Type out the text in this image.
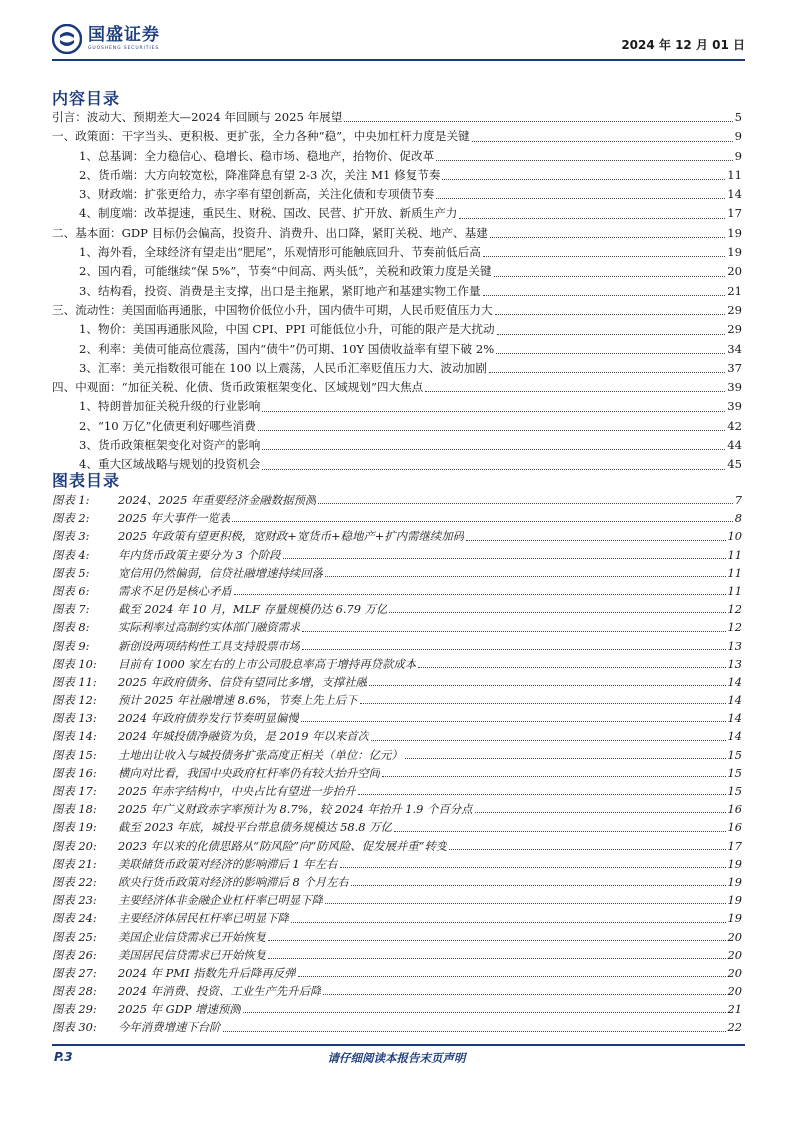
国盛证券
GUOSHENG SECURITIES	2024 年 12 月 01 日
内容目录
引言：波动大、预期差大—2024 年回顾与 2025 年展望	5
一、政策面：干字当头、更积极、更扩张，全力各种“稳”，中央加杠杆力度是关键	9
1、总基调：全力稳信心、稳增长、稳市场、稳地产，抬物价、促改革	9
2、货币端：大方向较宽松，降准降息有望 2-3 次，关注 M1 修复节奏	11
3、财政端：扩张更给力，赤字率有望创新高，关注化债和专项债节奏	14
4、制度端：改革提速，重民生、财税、国改、民营、扩开放、新质生产力	17
二、基本面：GDP 目标仍会偏高，投资升、消费升、出口降，紧盯关税、地产、基建	19
1、海外看，全球经济有望走出“肥尾”，乐观情形可能触底回升、节奏前低后高	19
2、国内看，可能继续“保 5%”，节奏“中间高、两头低”，关税和政策力度是关键	20
3、结构看，投资、消费是主支撑，出口是主拖累，紧盯地产和基建实物工作量	21
三、流动性：美国面临再通胀，中国物价低位小升，国内债牛可期，人民币贬值压力大	29
1、物价：美国再通胀风险，中国 CPI、PPI 可能低位小升，可能的限产是大扰动	29
2、利率：美债可能高位震荡，国内“债牛”仍可期、10Y 国债收益率有望下破 2%	34
3、汇率：美元指数很可能在 100 以上震荡，人民币汇率贬值压力大、波动加剧	37
四、中观面：“加征关税、化债、货币政策框架变化、区域规划”四大焦点	39
1、特朗普加征关税升级的行业影响	39
2、“10 万亿”化债更利好哪些消费	42
3、货币政策框架变化对资产的影响	44
4、重大区域战略与规划的投资机会	45
图表目录
图表 1:	2024、2025 年重要经济金融数据预测	7
图表 2:	2025 年大事件一览表	8
图表 3:	2025 年政策有望更积极，宽财政+宽货币+稳地产+扩内需继续加码	10
图表 4:	年内货币政策主要分为 3 个阶段	11
图表 5:	宽信用仍然偏弱，信贷社融增速持续回落	11
图表 6:	需求不足仍是核心矛盾	11
图表 7:	截至 2024 年 10 月，MLF 存量规模仍达 6.79 万亿	12
图表 8:	实际利率过高制约实体部门融资需求	12
图表 9:	新创设两项结构性工具支持股票市场	13
图表 10:	目前有 1000 家左右的上市公司股息率高于增持再贷款成本	13
图表 11:	2025 年政府债务、信贷有望同比多增，支撑社融	14
图表 12:	预计 2025 年社融增速 8.6%，节奏上先上后下	14
图表 13:	2024 年政府债券发行节奏明显偏慢	14
图表 14:	2024 年城投债净融资为负，是 2019 年以来首次	14
图表 15:	土地出让收入与城投债务扩张高度正相关（单位：亿元）	15
图表 16:	横向对比看，我国中央政府杠杆率仍有较大抬升空间	15
图表 17:	2025 年赤字结构中，中央占比有望进一步抬升	15
图表 18:	2025 年广义财政赤字率预计为 8.7%，较 2024 年抬升 1.9 个百分点	16
图表 19:	截至 2023 年底，城投平台带息债务规模达 58.8 万亿	16
图表 20:	2023 年以来的化债思路从“防风险”向“防风险、促发展并重”转变	17
图表 21:	美联储货币政策对经济的影响滞后 1 年左右	19
图表 22:	欧央行货币政策对经济的影响滞后 8 个月左右	19
图表 23:	主要经济体非金融企业杠杆率已明显下降	19
图表 24:	主要经济体居民杠杆率已明显下降	19
图表 25:	美国企业信贷需求已开始恢复	20
图表 26:	美国居民信贷需求已开始恢复	20
图表 27:	2024 年 PMI 指数先升后降再反弹	20
图表 28:	2024 年消费、投资、工业生产先升后降	20
图表 29:	2025 年 GDP 增速预测	21
图表 30:	今年消费增速下台阶	22
P.3	请仔细阅读本报告末页声明
